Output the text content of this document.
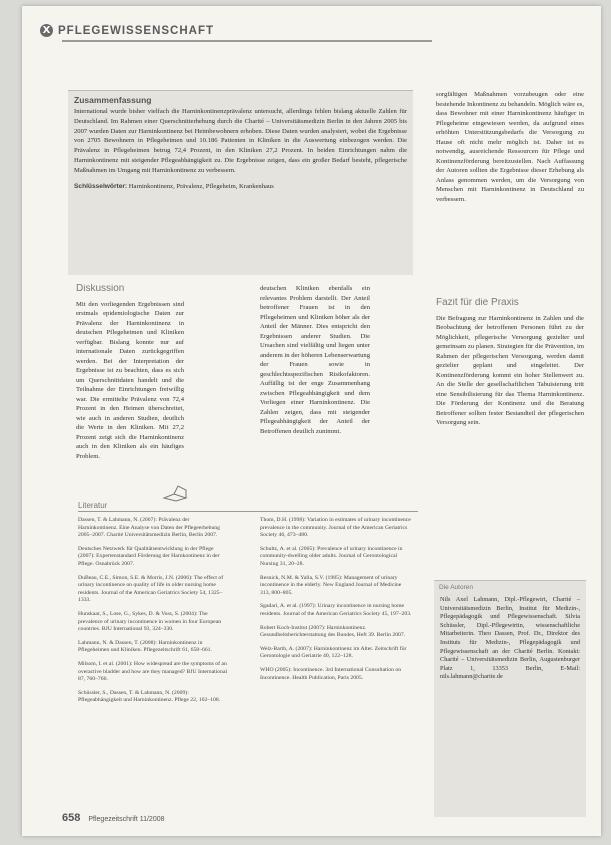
X PFLEGEWISSENSCHAFT
Zusammenfassung
International wurde bisher vielfach die Harninkontinenzprävalenz untersucht, allerdings fehlen bislang aktuelle Zahlen für Deutschland. Im Rahmen einer Querschnitterhebung durch die Charité – Universitätsmedizin Berlin in den Jahren 2005 bis 2007 wurden Daten zur Harninkontinenz bei Heimbewohnern erhoben. Diese Daten wurden analysiert, wobei die Ergebnisse von 2705 Bewohnern in Pflegeheimen und 10.186 Patienten in Kliniken in die Auswertung einbezogen werden. Die Prävalenz in Pflegeheimen betrug 72,4 Prozent, in den Kliniken 27,2 Prozent. In beiden Einrichtungen nahm die Harninkontinenz mit steigender Pflegeabhängigkeit zu. Die Ergebnisse zeigen, dass ein großer Bedarf besteht, pflegerische Maßnahmen im Umgang mit Harninkontinenz zu verbessern.
Schlüsselwörter: Harninkontinenz, Prävalenz, Pflegeheim, Krankenhaus
Diskussion
Mit den vorliegenden Ergebnissen sind erstmals epidemiologische Daten zur Prävalenz der Harninkontinenz in deutschen Pflegeheimen und Kliniken verfügbar. Bislang konnte nur auf internationale Daten zurückgegriffen werden. Bei der Interpretation der Ergebnisse ist zu beachten, dass es sich um Querschnittdaten handelt und die Teilnahme der Einrichtungen freiwillig war. Die ermittelte Prävalenz von 72,4 Prozent in den Heimen überschreitet, wie auch in anderen Studien, deutlich die Werte in den Kliniken. Mit 27,2 Prozent zeigt sich die Harninkontinenz auch in den Kliniken als ein häufiges Problem.
deutschen Kliniken ebenfalls ein relevantes Problem darstellt. Der Anteil betroffener Frauen ist in den Pflegeheimen und Kliniken höher als der Anteil der Männer. Dies entspricht den Ergebnissen anderer Studien. Die Ursachen sind vielfältig und liegen unter anderem in der höheren Lebenserwartung der Frauen sowie in geschlechtsspezifischen Risikofaktoren. Auffällig ist der enge Zusammenhang zwischen Pflegeabhängigkeit und dem Vorliegen einer Harninkontinenz. Die Zahlen zeigen, dass mit steigender Pflegeabhängigkeit der Anteil der Betroffenen deutlich zunimmt.
sorgfältigen Maßnahmen vorzubeugen oder eine bestehende Inkontinenz zu behandeln. Möglich wäre es, dass Bewohner mit einer Harninkontinenz häufiger in Pflegeheime eingewiesen werden, da aufgrund eines erhöhten Unterstützungsbedarfs die Versorgung zu Hause oft nicht mehr möglich ist. Daher ist es notwendig, ausreichende Ressourcen für Pflege und Kontinenzförderung bereitzustellen. Nach Auffassung der Autoren sollten die Ergebnisse dieser Erhebung als Anlass genommen werden, um die Versorgung von Menschen mit Harninkontinenz in Deutschland zu verbessern.
Fazit für die Praxis
Die Befragung zur Harninkontinenz in Zahlen und die Beobachtung der betroffenen Personen führt zu der Möglichkeit, pflegerische Versorgung gezielter und gemeinsam zu planen. Strategien für die Prävention, im Rahmen der pflegerischen Versorgung, werden damit gezielter geplant und eingeleitet. Der Kontinenzförderung kommt ein hoher Stellenwert zu. An die Stelle der gesellschaftlichen Tabuisierung tritt eine Sensibilisierung für das Thema Harninkontinenz. Die Förderung der Kontinenz und die Beratung Betroffener sollten fester Bestandteil der pflegerischen Versorgung sein.
Literatur
Dassen, T. & Lahmann, N. (2007): Prävalenz der Harninkontinenz. Eine Analyse von Daten der Pflegeerhebung 2005–2007. Charité Universitätsmedizin Berlin, Berlin 2007.
Deutsches Netzwerk für Qualitätsentwicklung in der Pflege (2007): Expertenstandard Förderung der Harnkontinenz in der Pflege. Osnabrück 2007.
DuBeau, C.E., Simon, S.E. & Morris, J.N. (2006): The effect of urinary incontinence on quality of life in older nursing home residents. Journal of the American Geriatrics Society 54, 1325–1333.
Hunskaar, S., Lose, G., Sykes, D. & Voss, S. (2004): The prevalence of urinary incontinence in women in four European countries. BJU International 93, 324–330.
Lahmann, N. & Dassen, T. (2008): Harninkontinenz in Pflegeheimen und Kliniken. Pflegezeitschrift 61, 658–661.
Milsom, I. et al. (2001): How widespread are the symptoms of an overactive bladder and how are they managed? BJU International 87, 760–766.
Schüssler, S., Dassen, T. & Lahmann, N. (2009): Pflegeabhängigkeit und Harninkontinenz. Pflege 22, 102–108.
Thom, D.H. (1998): Variation in estimates of urinary incontinence prevalence in the community. Journal of the American Geriatrics Society 46, 473–480.
Schultz, A. et al. (2005): Prevalence of urinary incontinence in community-dwelling older adults. Journal of Gerontological Nursing 31, 20–28.
Resnick, N.M. & Yalla, S.V. (1985): Management of urinary incontinence in the elderly. New England Journal of Medicine 313, 800–805.
Sgadari, A. et al. (1997): Urinary incontinence in nursing home residents. Journal of the American Geriatrics Society 45, 197–203.
Robert Koch-Institut (2007): Harninkontinenz. Gesundheitsberichterstattung des Bundes, Heft 39. Berlin 2007.
Welz-Barth, A. (2007): Harninkontinenz im Alter. Zeitschrift für Gerontologie und Geriatrie 40, 122–128.
WHO (2005): Incontinence. 3rd International Consultation on Incontinence. Health Publication, Paris 2005.
Die Autoren
Nils Axel Lahmann, Dipl.-Pflegewirt, Charité – Universitätsmedizin Berlin, Institut für Medizin-, Pflegepädagogik und Pflegewissenschaft. Silvia Schüssler, Dipl.-Pflegewirtin, wissenschaftliche Mitarbeiterin. Theo Dassen, Prof. Dr., Direktor des Instituts für Medizin-, Pflegepädagogik und Pflegewissenschaft an der Charité Berlin. Kontakt: Charité – Universitätsmedizin Berlin, Augustenburger Platz 1, 13353 Berlin, E-Mail: nils.lahmann@charite.de
658 Pflegezeitschrift 11/2008
